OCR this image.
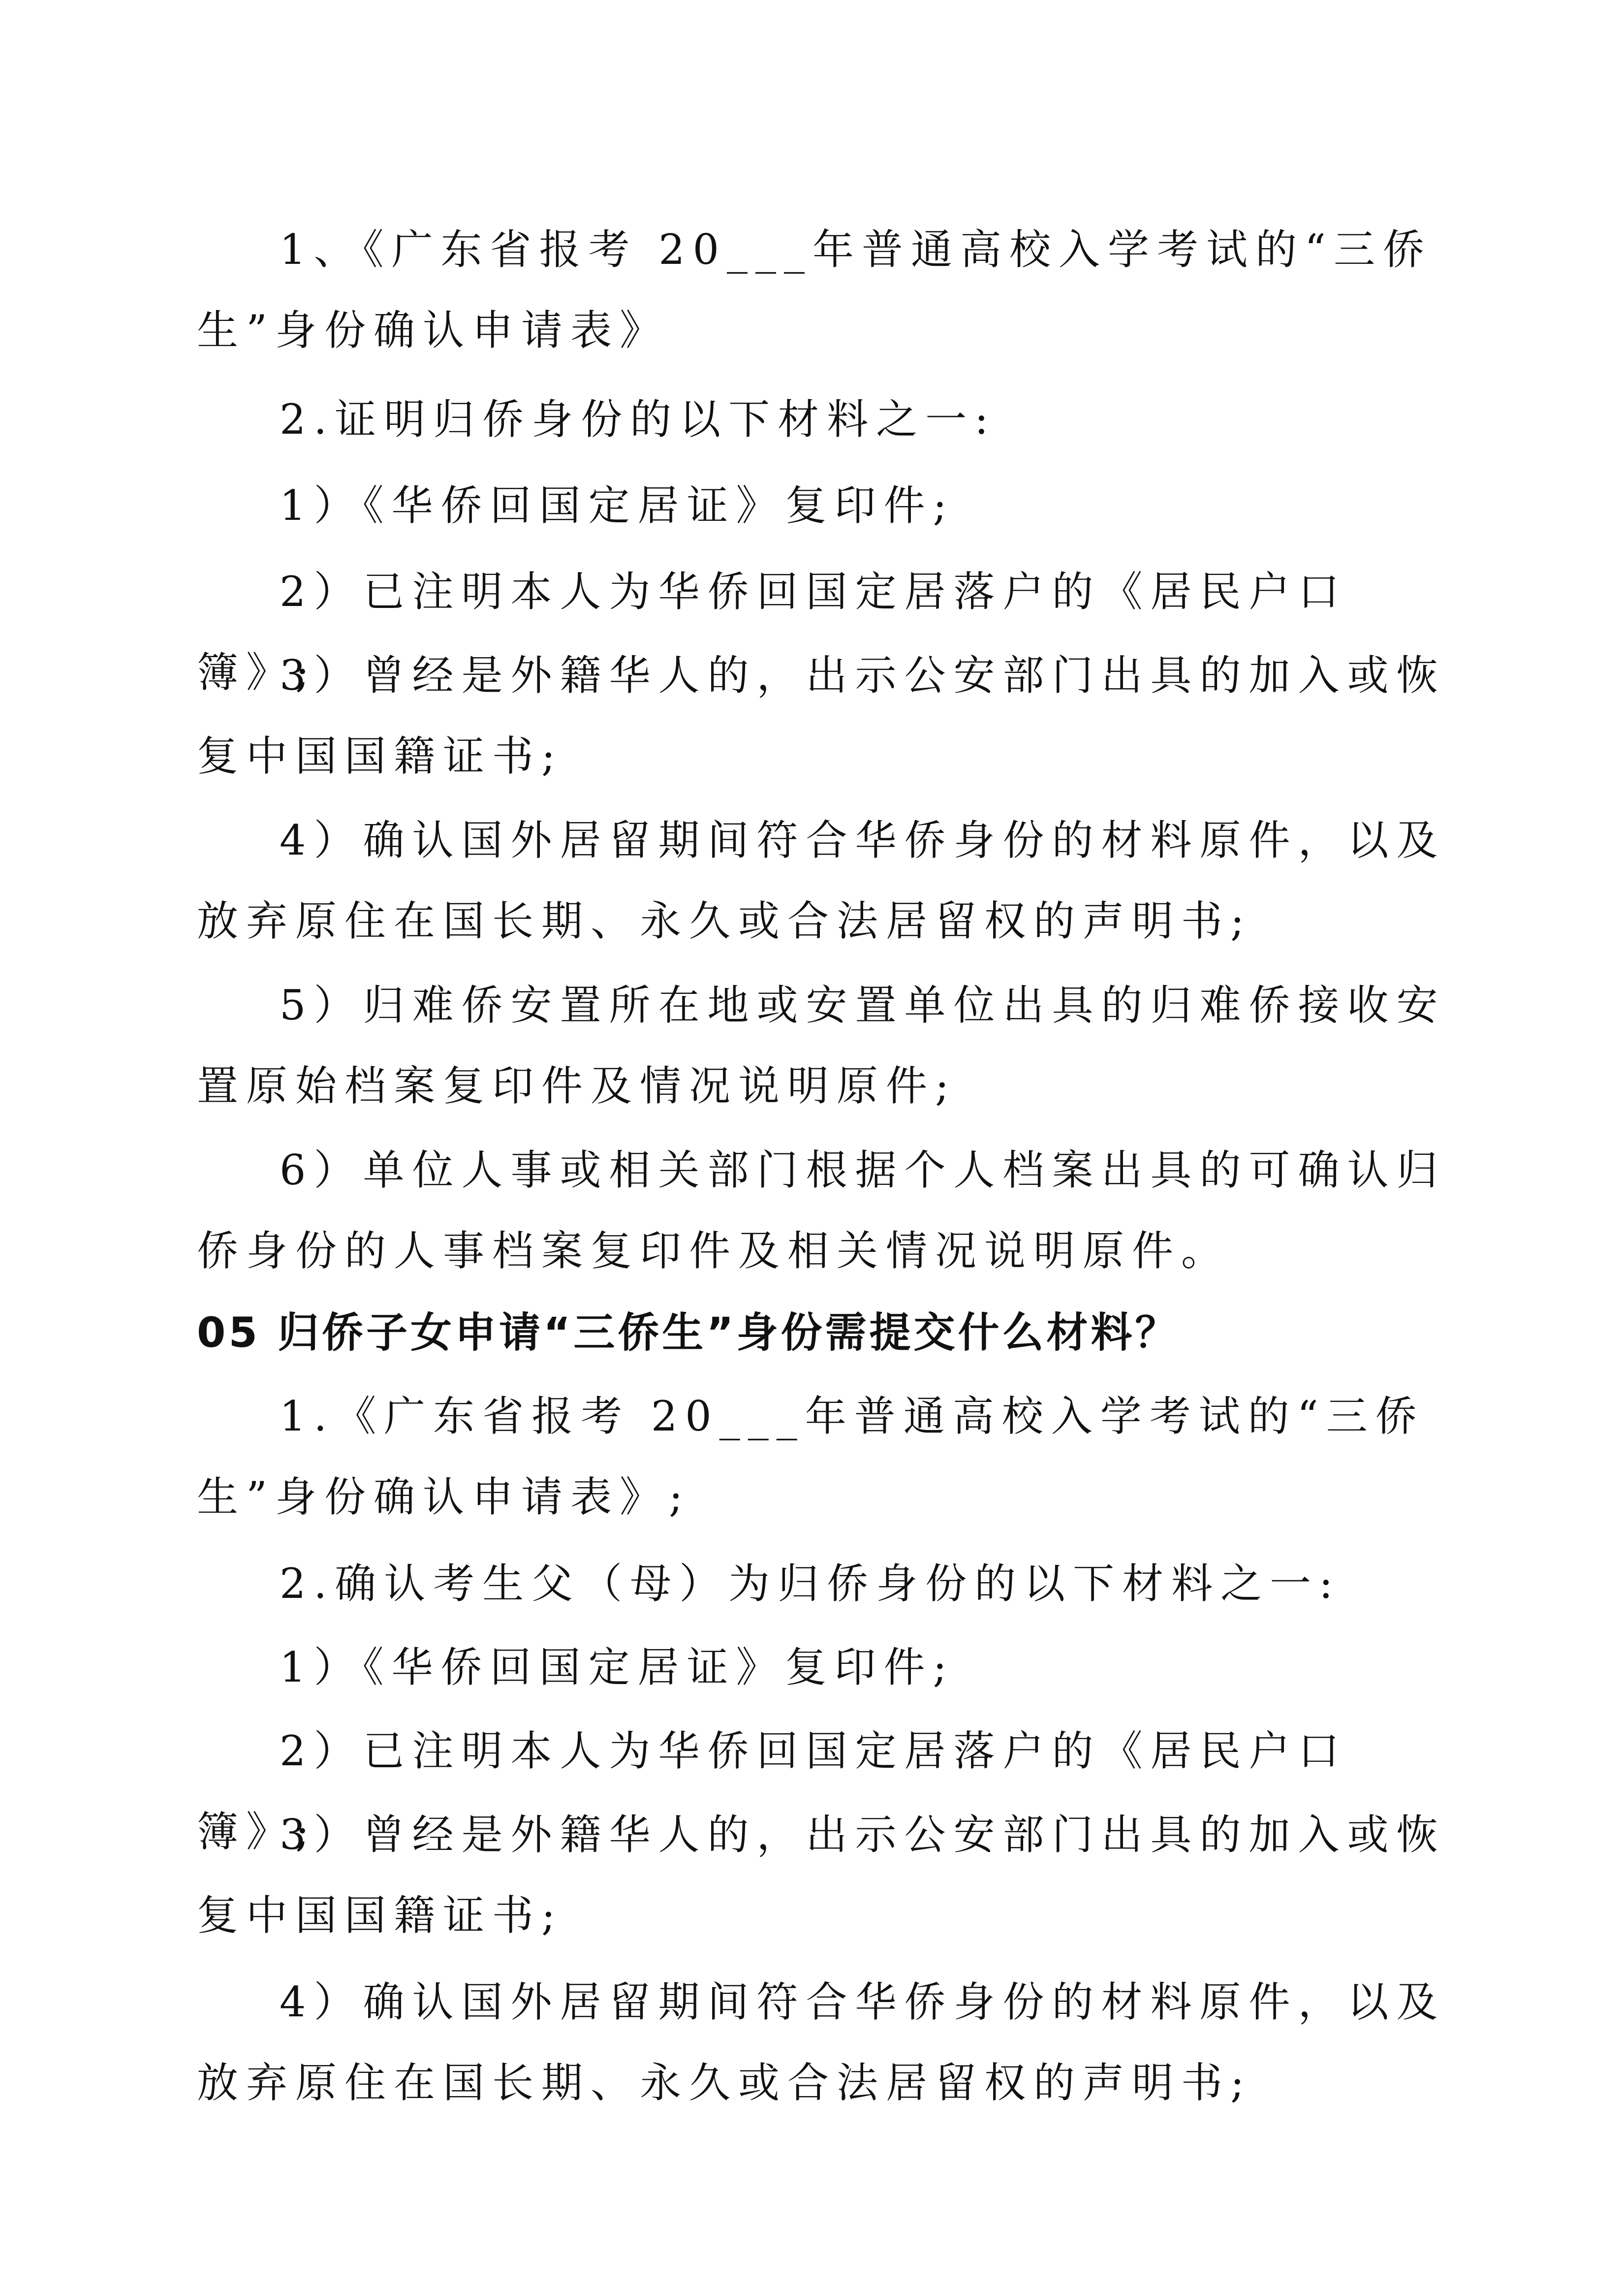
1、《广东省报考 20___年普通高校入学考试的“三侨生”身份确认申请表》

2.证明归侨身份的以下材料之一:

1）《华侨回国定居证》复印件;

2）已注明本人为华侨回国定居落户的《居民户口簿》;

3）曾经是外籍华人的，出示公安部门出具的加入或恢复中国国籍证书;

4）确认国外居留期间符合华侨身份的材料原件，以及放弃原住在国长期、永久或合法居留权的声明书;

5）归难侨安置所在地或安置单位出具的归难侨接收安置原始档案复印件及情况说明原件;

6）单位人事或相关部门根据个人档案出具的可确认归侨身份的人事档案复印件及相关情况说明原件。

05 归侨子女申请“三侨生”身份需提交什么材料？

1.《广东省报考 20___年普通高校入学考试的“三侨生”身份确认申请表》;

2.确认考生父（母）为归侨身份的以下材料之一:

1）《华侨回国定居证》复印件;

2）已注明本人为华侨回国定居落户的《居民户口簿》;

3）曾经是外籍华人的，出示公安部门出具的加入或恢复中国国籍证书;

4）确认国外居留期间符合华侨身份的材料原件，以及放弃原住在国长期、永久或合法居留权的声明书;
